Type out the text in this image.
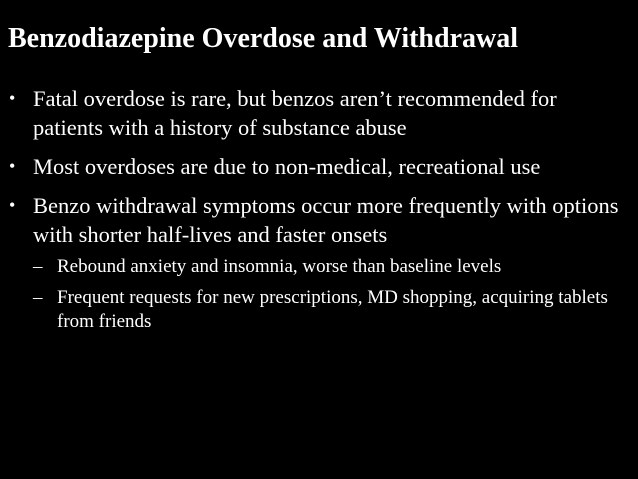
Benzodiazepine Overdose and Withdrawal
• Fatal overdose is rare, but benzos aren’t recommended for patients with a history of substance abuse
• Most overdoses are due to non-medical, recreational use
• Benzo withdrawal symptoms occur more frequently with options with shorter half-lives and faster onsets
– Rebound anxiety and insomnia, worse than baseline levels
– Frequent requests for new prescriptions, MD shopping, acquiring tablets from friends
